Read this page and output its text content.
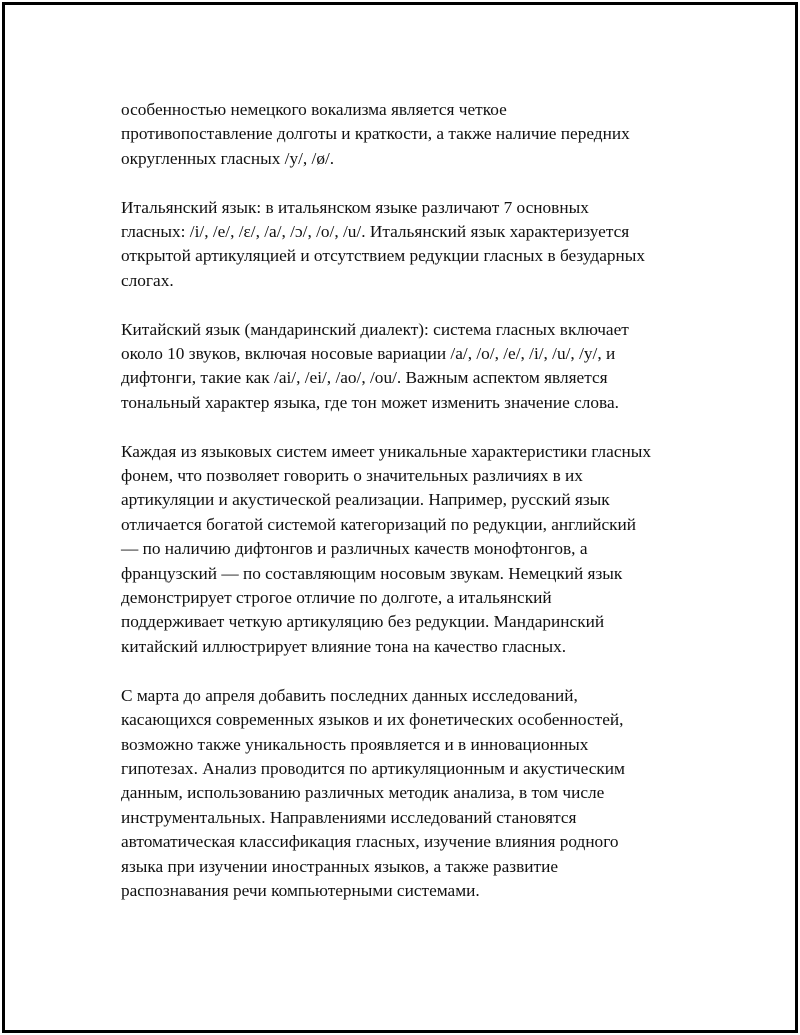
особенностью немецкого вокализма является четкое
противопоставление долготы и краткости, а также наличие передних
округленных гласных /y/, /ø/.

Итальянский язык: в итальянском языке различают 7 основных
гласных: /i/, /e/, /ɛ/, /a/, /ɔ/, /o/, /u/. Итальянский язык характеризуется
открытой артикуляцией и отсутствием редукции гласных в безударных
слогах.

Китайский язык (мандаринский диалект): система гласных включает
около 10 звуков, включая носовые вариации /a/, /o/, /e/, /i/, /u/, /y/, и
дифтонги, такие как /ai/, /ei/, /ao/, /ou/. Важным аспектом является
тональный характер языка, где тон может изменить значение слова.

Каждая из языковых систем имеет уникальные характеристики гласных
фонем, что позволяет говорить о значительных различиях в их
артикуляции и акустической реализации. Например, русский язык
отличается богатой системой категоризаций по редукции, английский
— по наличию дифтонгов и различных качеств монофтонгов, а
французский — по составляющим носовым звукам. Немецкий язык
демонстрирует строгое отличие по долготе, а итальянский
поддерживает четкую артикуляцию без редукции. Мандаринский
китайский иллюстрирует влияние тона на качество гласных.

С марта до апреля добавить последних данных исследований,
касающихся современных языков и их фонетических особенностей,
возможно также уникальность проявляется и в инновационных
гипотезах. Анализ проводится по артикуляционным и акустическим
данным, использованию различных методик анализа, в том числе
инструментальных. Направлениями исследований становятся
автоматическая классификация гласных, изучение влияния родного
языка при изучении иностранных языков, а также развитие
распознавания речи компьютерными системами.
